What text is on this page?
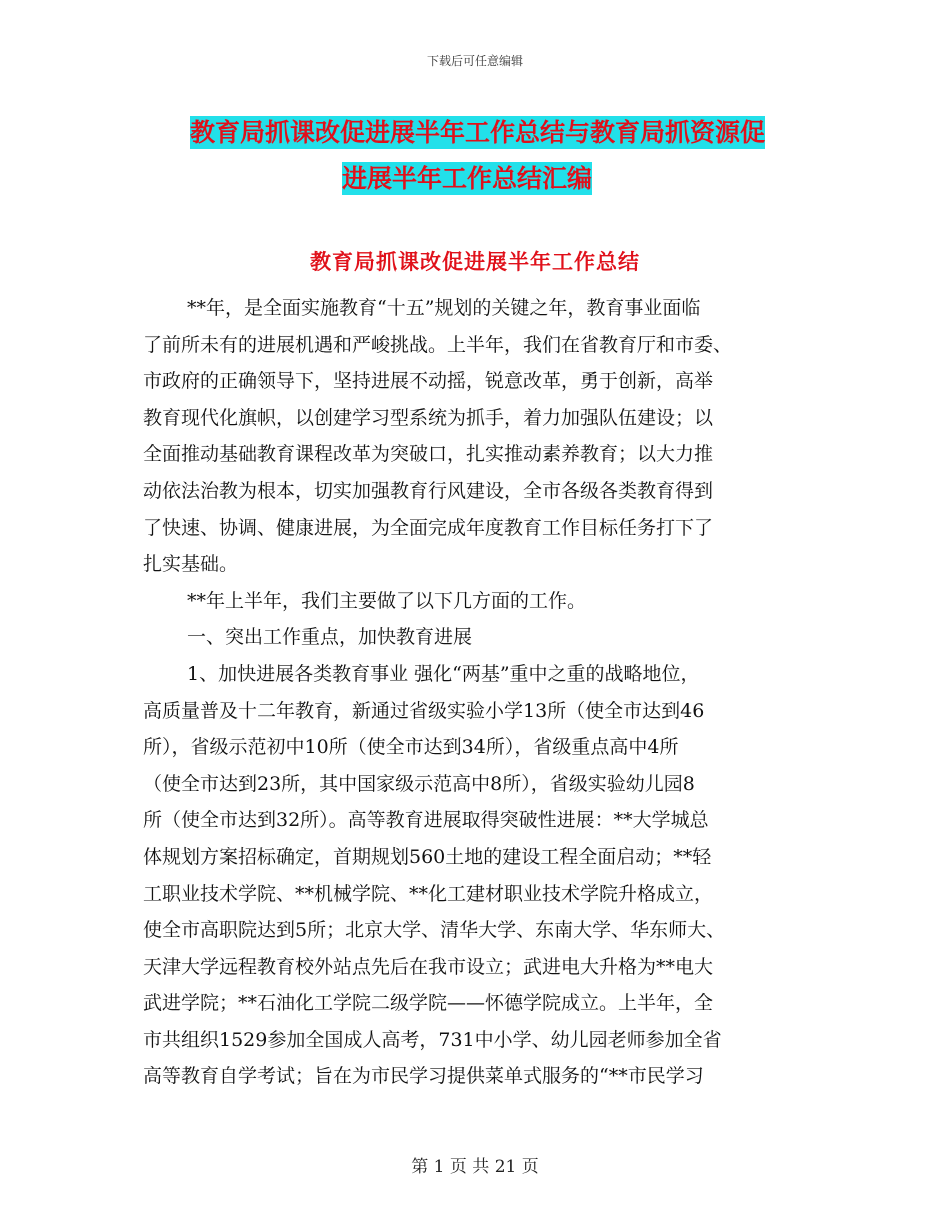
下载后可任意编辑
教育局抓课改促进展半年工作总结与教育局抓资源促
进展半年工作总结汇编
教育局抓课改促进展半年工作总结
**年，是全面实施教育“十五”规划的关键之年，教育事业面临
了前所未有的进展机遇和严峻挑战。上半年，我们在省教育厅和市委、
市政府的正确领导下，坚持进展不动摇，锐意改革，勇于创新，高举
教育现代化旗帜，以创建学习型系统为抓手，着力加强队伍建设；以
全面推动基础教育课程改革为突破口，扎实推动素养教育；以大力推
动依法治教为根本，切实加强教育行风建设，全市各级各类教育得到
了快速、协调、健康进展，为全面完成年度教育工作目标任务打下了
扎实基础。
**年上半年，我们主要做了以下几方面的工作。
一、突出工作重点，加快教育进展
1、加快进展各类教育事业 强化“两基”重中之重的战略地位，
高质量普及十二年教育，新通过省级实验小学13所（使全市达到46
所），省级示范初中10所（使全市达到34所），省级重点高中4所
（使全市达到23所，其中国家级示范高中8所），省级实验幼儿园8
所（使全市达到32所）。高等教育进展取得突破性进展：**大学城总
体规划方案招标确定，首期规划560土地的建设工程全面启动；**轻
工职业技术学院、**机械学院、**化工建材职业技术学院升格成立，
使全市高职院达到5所；北京大学、清华大学、东南大学、华东师大、
天津大学远程教育校外站点先后在我市设立；武进电大升格为**电大
武进学院；**石油化工学院二级学院——怀德学院成立。上半年，全
市共组织1529参加全国成人高考，731中小学、幼儿园老师参加全省
高等教育自学考试；旨在为市民学习提供菜单式服务的“**市民学习
第 1 页 共 21 页
